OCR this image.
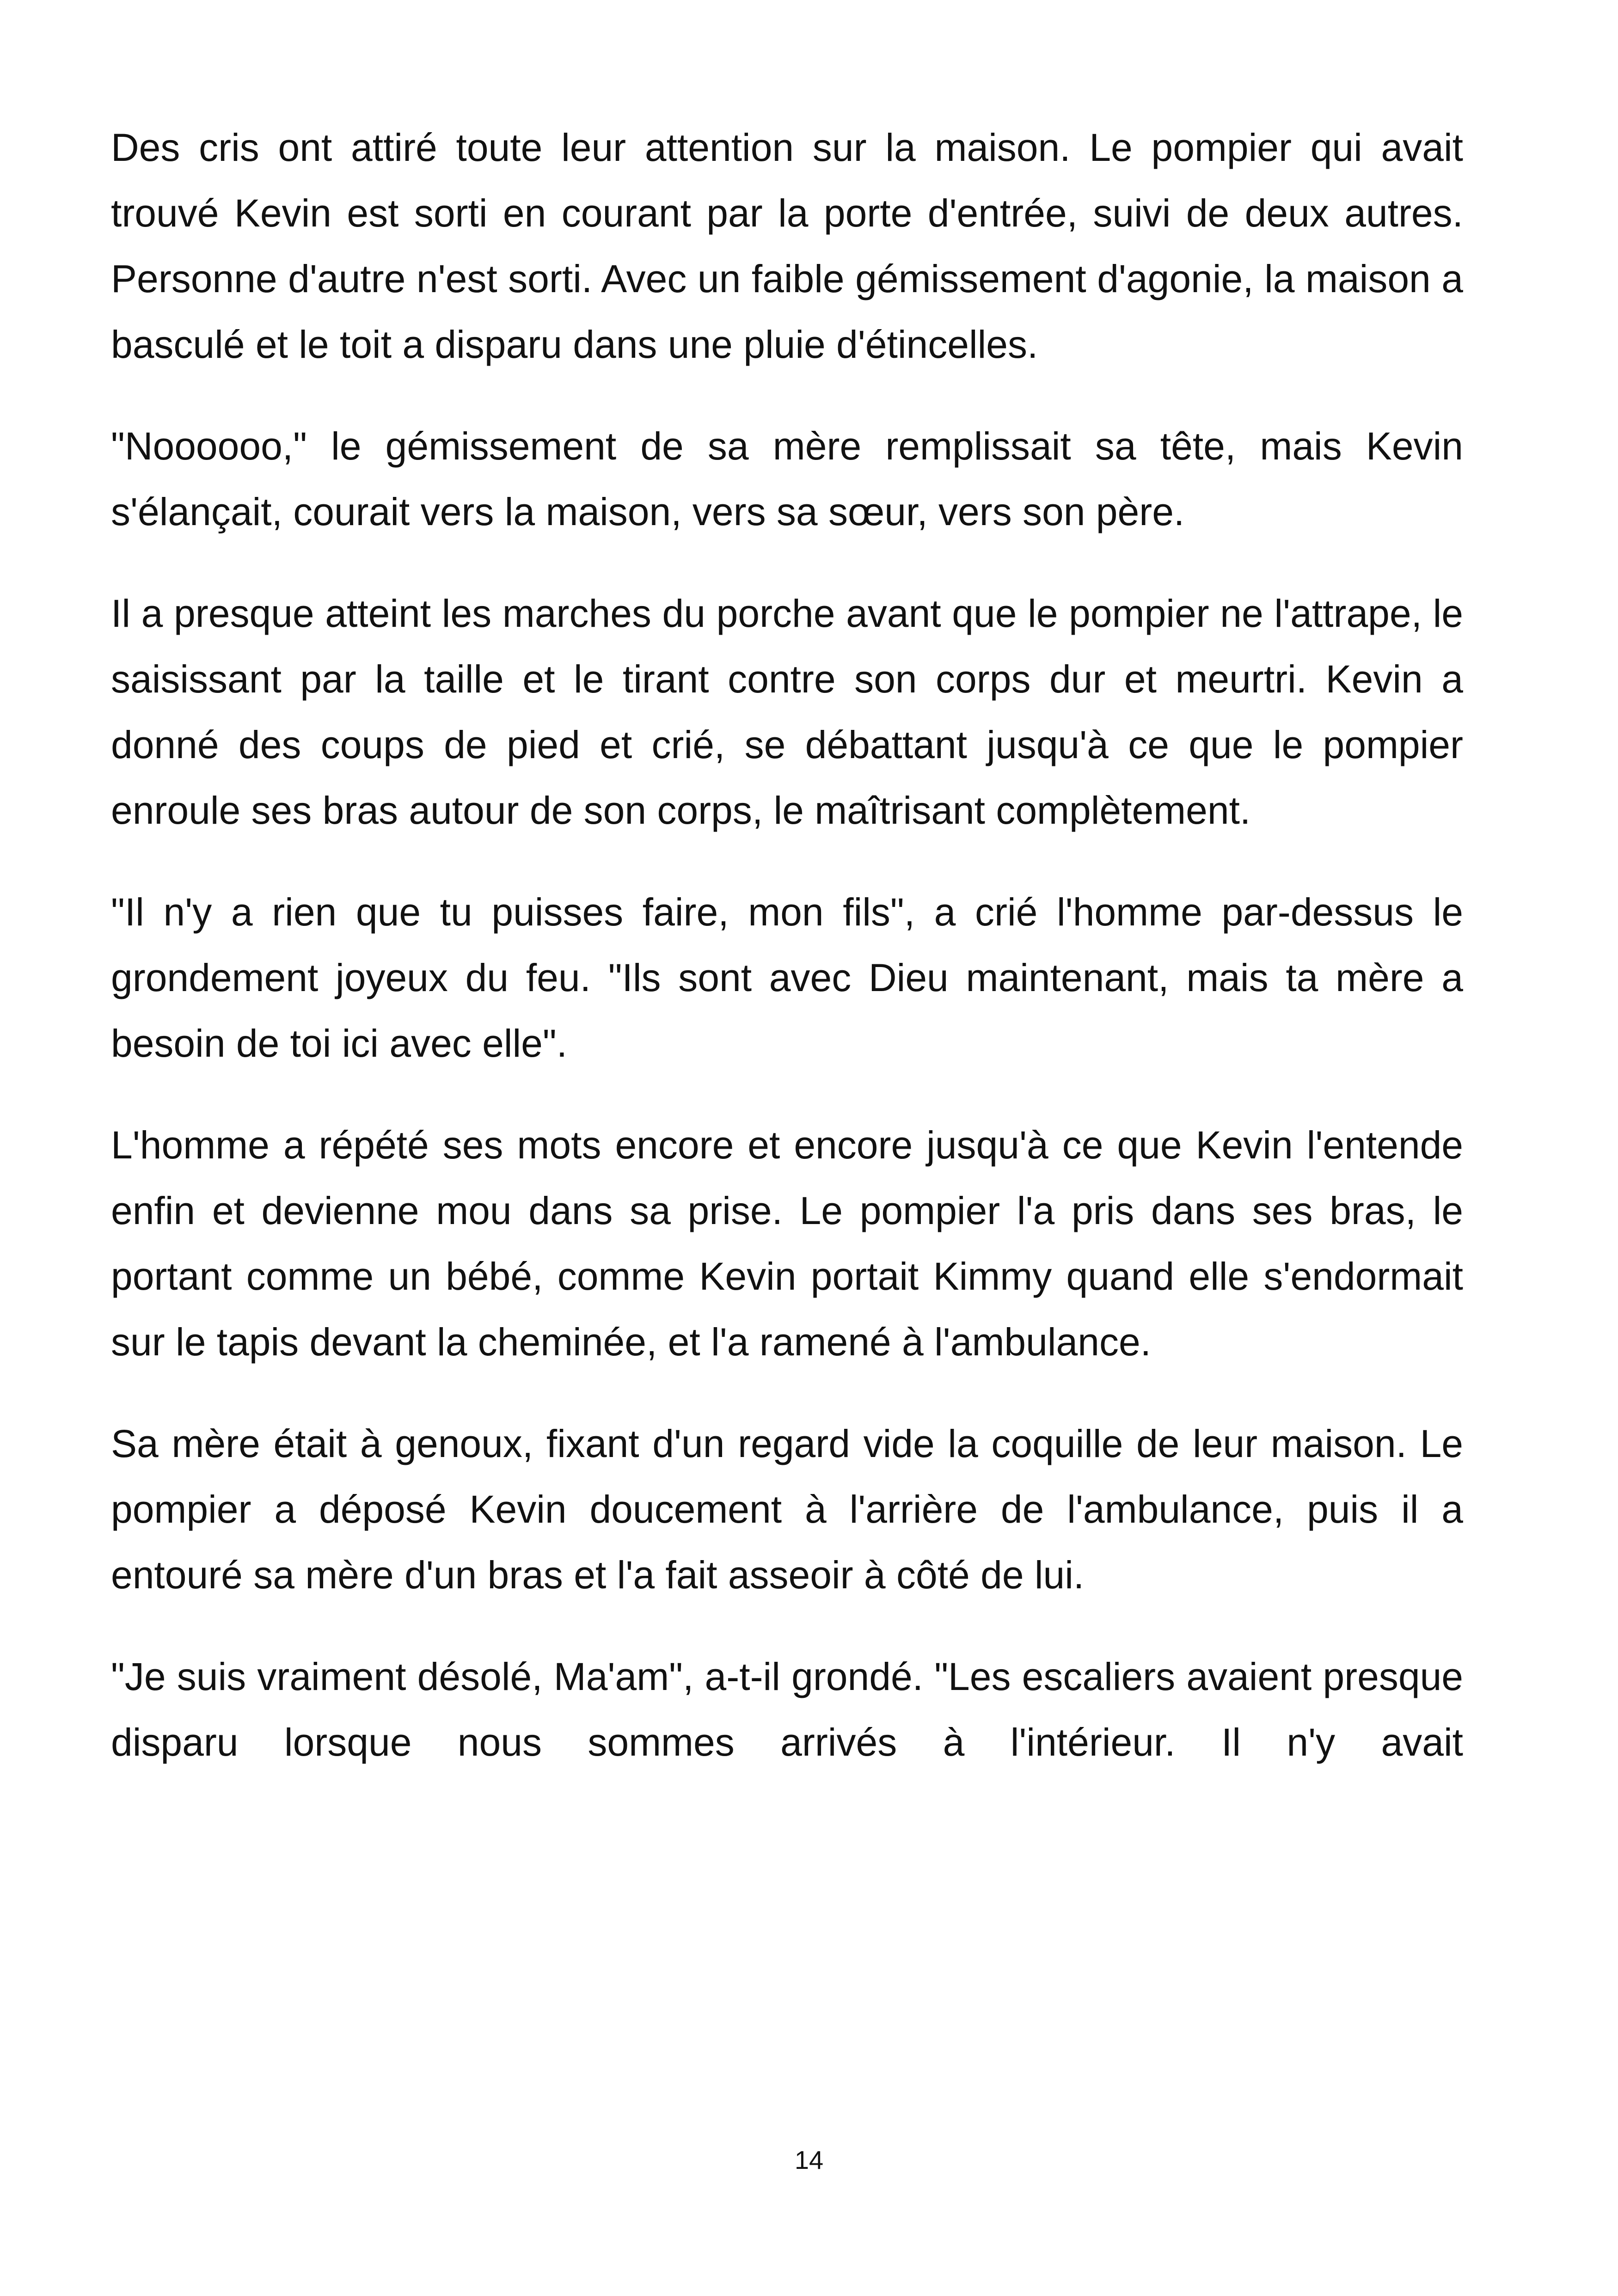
Des cris ont attiré toute leur attention sur la maison. Le pompier qui avait trouvé Kevin est sorti en courant par la porte d'entrée, suivi de deux autres. Personne d'autre n'est sorti. Avec un faible gémissement d'agonie, la maison a basculé et le toit a disparu dans une pluie d'étincelles.

"Noooooo," le gémissement de sa mère remplissait sa tête, mais Kevin s'élançait, courait vers la maison, vers sa sœur, vers son père.

Il a presque atteint les marches du porche avant que le pompier ne l'attrape, le saisissant par la taille et le tirant contre son corps dur et meurtri. Kevin a donné des coups de pied et crié, se débattant jusqu'à ce que le pompier enroule ses bras autour de son corps, le maîtrisant complètement.

"Il n'y a rien que tu puisses faire, mon fils", a crié l'homme par-dessus le grondement joyeux du feu. "Ils sont avec Dieu maintenant, mais ta mère a besoin de toi ici avec elle".

L'homme a répété ses mots encore et encore jusqu'à ce que Kevin l'entende enfin et devienne mou dans sa prise. Le pompier l'a pris dans ses bras, le portant comme un bébé, comme Kevin portait Kimmy quand elle s'endormait sur le tapis devant la cheminée, et l'a ramené à l'ambulance.

Sa mère était à genoux, fixant d'un regard vide la coquille de leur maison. Le pompier a déposé Kevin doucement à l'arrière de l'ambulance, puis il a entouré sa mère d'un bras et l'a fait asseoir à côté de lui.

"Je suis vraiment désolé, Ma'am", a-t-il grondé. "Les escaliers avaient presque disparu lorsque nous sommes arrivés à l'intérieur. Il n'y avait

14
